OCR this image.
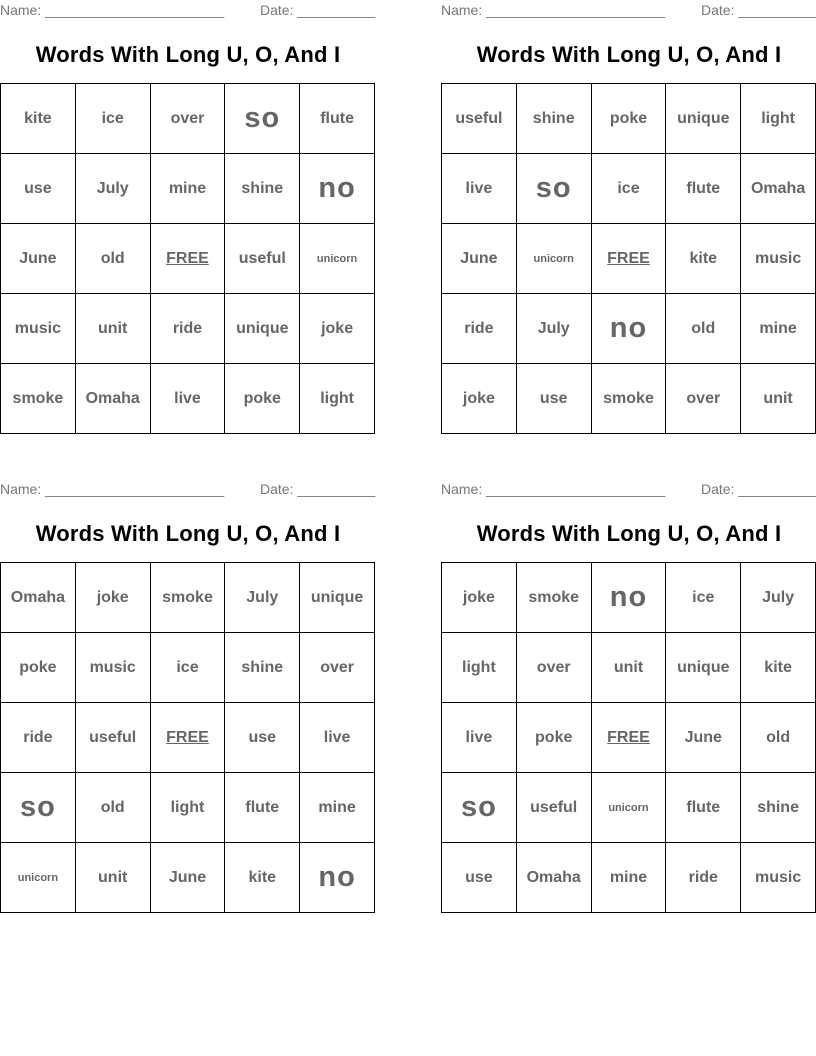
Name: _______________________	Date: __________
Words With Long U, O, And I
kite	ice	over	so	flute
use	July	mine	shine	no
June	old	FREE	useful	unicorn
music	unit	ride	unique	joke
smoke	Omaha	live	poke	light
Name: _______________________	Date: __________
Words With Long U, O, And I
useful	shine	poke	unique	light
live	so	ice	flute	Omaha
June	unicorn	FREE	kite	music
ride	July	no	old	mine
joke	use	smoke	over	unit
Name: _______________________	Date: __________
Words With Long U, O, And I
Omaha	joke	smoke	July	unique
poke	music	ice	shine	over
ride	useful	FREE	use	live
so	old	light	flute	mine
unicorn	unit	June	kite	no
Name: _______________________	Date: __________
Words With Long U, O, And I
joke	smoke	no	ice	July
light	over	unit	unique	kite
live	poke	FREE	June	old
so	useful	unicorn	flute	shine
use	Omaha	mine	ride	music
